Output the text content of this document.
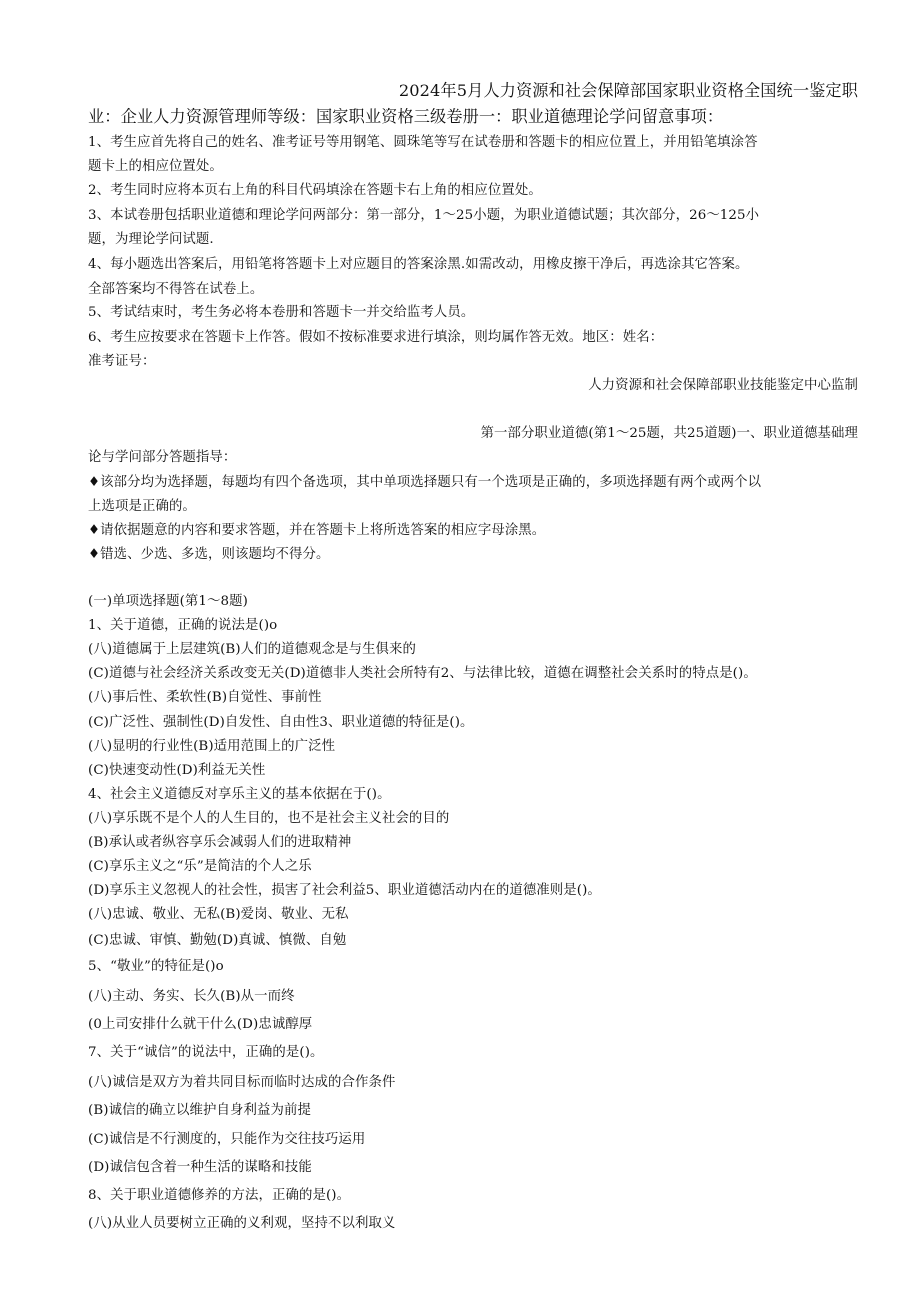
2024年5月人力资源和社会保障部国家职业资格全国统一鉴定职
业：企业人力资源管理师等级：国家职业资格三级卷册一：职业道德理论学问留意事项：
1、考生应首先将自己的姓名、准考证号等用钢笔、圆珠笔等写在试卷册和答题卡的相应位置上，并用铅笔填涂答
题卡上的相应位置处。
2、考生同时应将本页右上角的科目代码填涂在答题卡右上角的相应位置处。
3、本试卷册包括职业道德和理论学问两部分：第一部分，1〜25小题，为职业道德试题；其次部分，26〜125小
题，为理论学问试题.
4、每小题选出答案后，用铅笔将答题卡上对应题目的答案涂黑.如需改动，用橡皮擦干净后，再选涂其它答案。
全部答案均不得答在试卷上。
5、考试结束时，考生务必将本卷册和答题卡一并交给监考人员。
6、考生应按要求在答题卡上作答。假如不按标准要求进行填涂，则均属作答无效。地区：姓名：
准考证号：
人力资源和社会保障部职业技能鉴定中心监制
第一部分职业道德(第1〜25题，共25道题)一、职业道德基础理
论与学问部分答题指导：
♦该部分均为选择题，每题均有四个备选项，其中单项选择题只有一个选项是正确的，多项选择题有两个或两个以
上选项是正确的。
♦请依据题意的内容和要求答题，并在答题卡上将所选答案的相应字母涂黑。
♦错选、少选、多选，则该题均不得分。
(一)单项选择题(第1〜8题)
1、关于道德，正确的说法是()o
(八)道德属于上层建筑(B)人们的道德观念是与生俱来的
(C)道德与社会经济关系改变无关(D)道德非人类社会所特有2、与法律比较，道德在调整社会关系时的特点是()。
(八)事后性、柔软性(B)自觉性、事前性
(C)广泛性、强制性(D)自发性、自由性3、职业道德的特征是()。
(八)显明的行业性(B)适用范围上的广泛性
(C)快速变动性(D)利益无关性
4、社会主义道德反对享乐主义的基本依据在于()。
(八)享乐既不是个人的人生目的，也不是社会主义社会的目的
(B)承认或者纵容享乐会减弱人们的进取精神
(C)享乐主义之“乐”是简洁的个人之乐
(D)享乐主义忽视人的社会性，损害了社会利益5、职业道德活动内在的道德准则是()。
(八)忠诚、敬业、无私(B)爱岗、敬业、无私
(C)忠诚、审慎、勤勉(D)真诚、慎微、自勉
5、“敬业”的特征是()o
(八)主动、务实、长久(B)从一而终
(0上司安排什么就干什么(D)忠诚醇厚
7、关于“诚信”的说法中，正确的是()。
(八)诚信是双方为着共同目标而临时达成的合作条件
(B)诚信的确立以维护自身利益为前提
(C)诚信是不行测度的，只能作为交往技巧运用
(D)诚信包含着一种生活的谋略和技能
8、关于职业道德修养的方法，正确的是()。
(八)从业人员要树立正确的义利观，坚持不以利取义
